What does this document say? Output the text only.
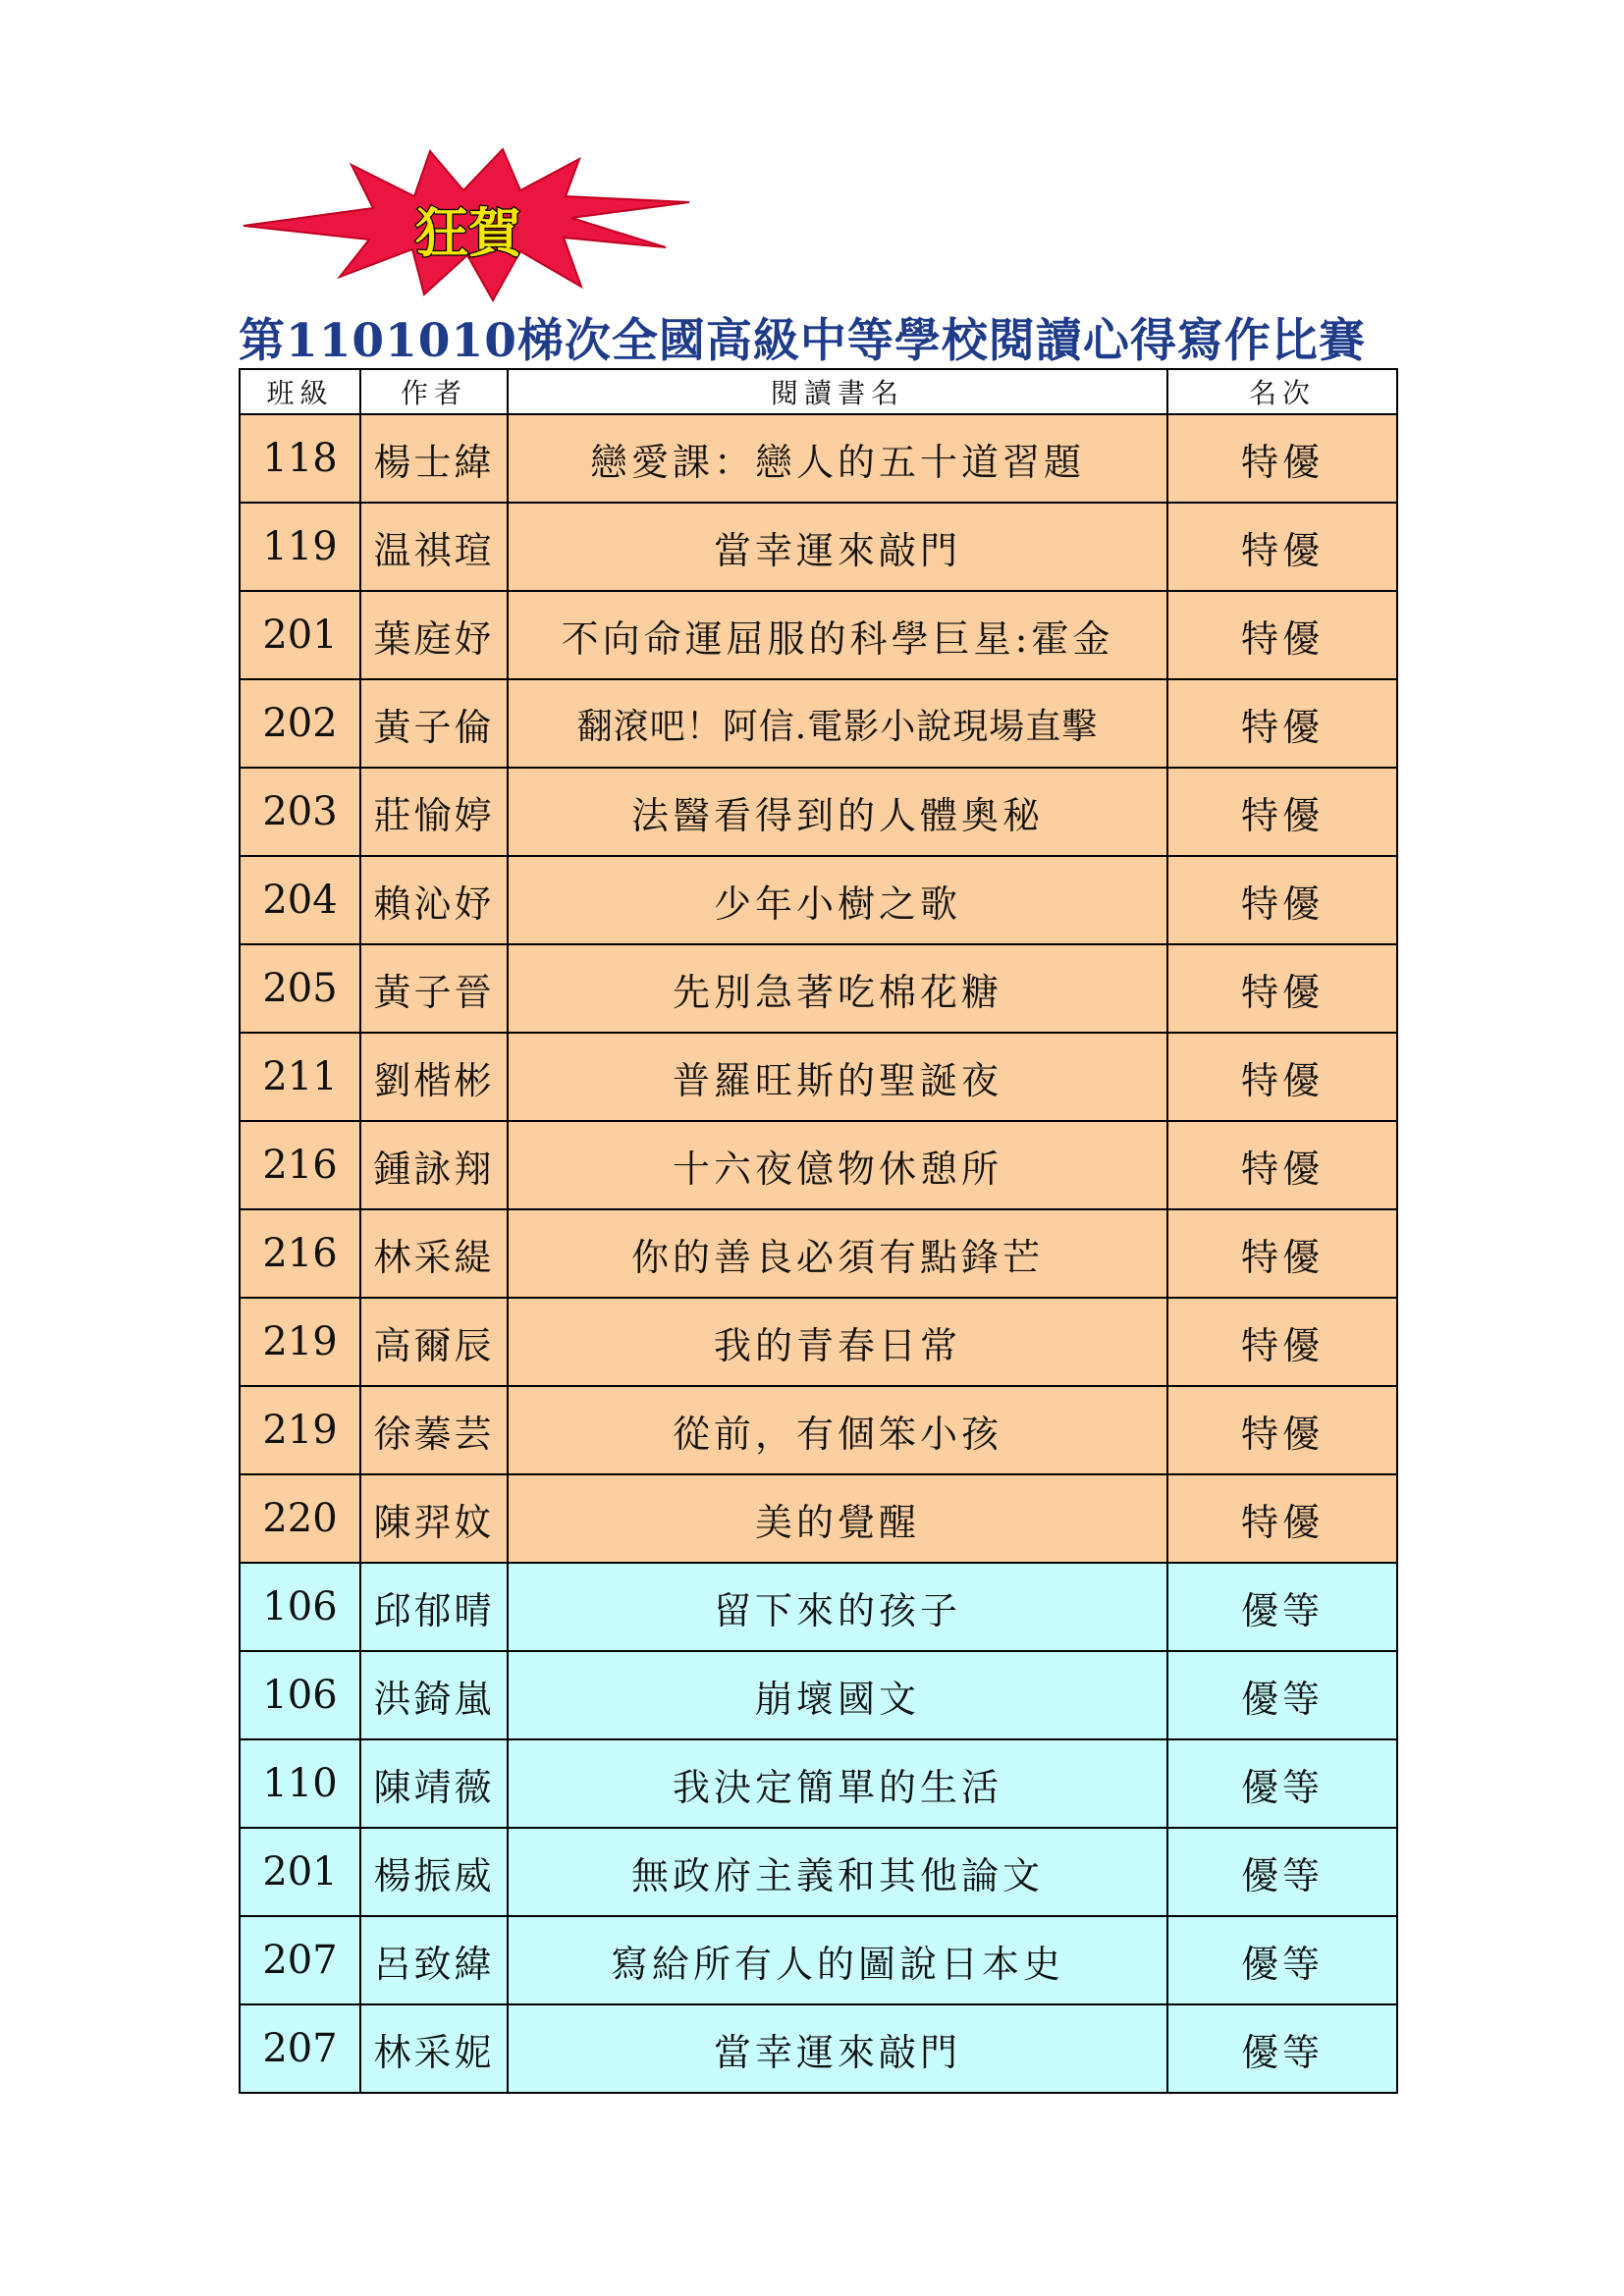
狂賀
第1101010梯次全國高級中等學校閱讀心得寫作比賽
班級	作者	閱讀書名	名次
118	楊士緯	戀愛課：戀人的五十道習題	特優
119	温祺瑄	當幸運來敲門	特優
201	葉庭妤	不向命運屈服的科學巨星:霍金	特優
202	黃子倫	翻滾吧！阿信.電影小說現場直擊	特優
203	莊愉婷	法醫看得到的人體奧秘	特優
204	賴沁妤	少年小樹之歌	特優
205	黃子晉	先別急著吃棉花糖	特優
211	劉楷彬	普羅旺斯的聖誕夜	特優
216	鍾詠翔	十六夜億物休憩所	特優
216	林采緹	你的善良必須有點鋒芒	特優
219	高爾辰	我的青春日常	特優
219	徐蓁芸	從前，有個笨小孩	特優
220	陳羿妏	美的覺醒	特優
106	邱郁晴	留下來的孩子	優等
106	洪錡嵐	崩壞國文	優等
110	陳靖薇	我決定簡單的生活	優等
201	楊振威	無政府主義和其他論文	優等
207	呂致緯	寫給所有人的圖說日本史	優等
207	林采妮	當幸運來敲門	優等
